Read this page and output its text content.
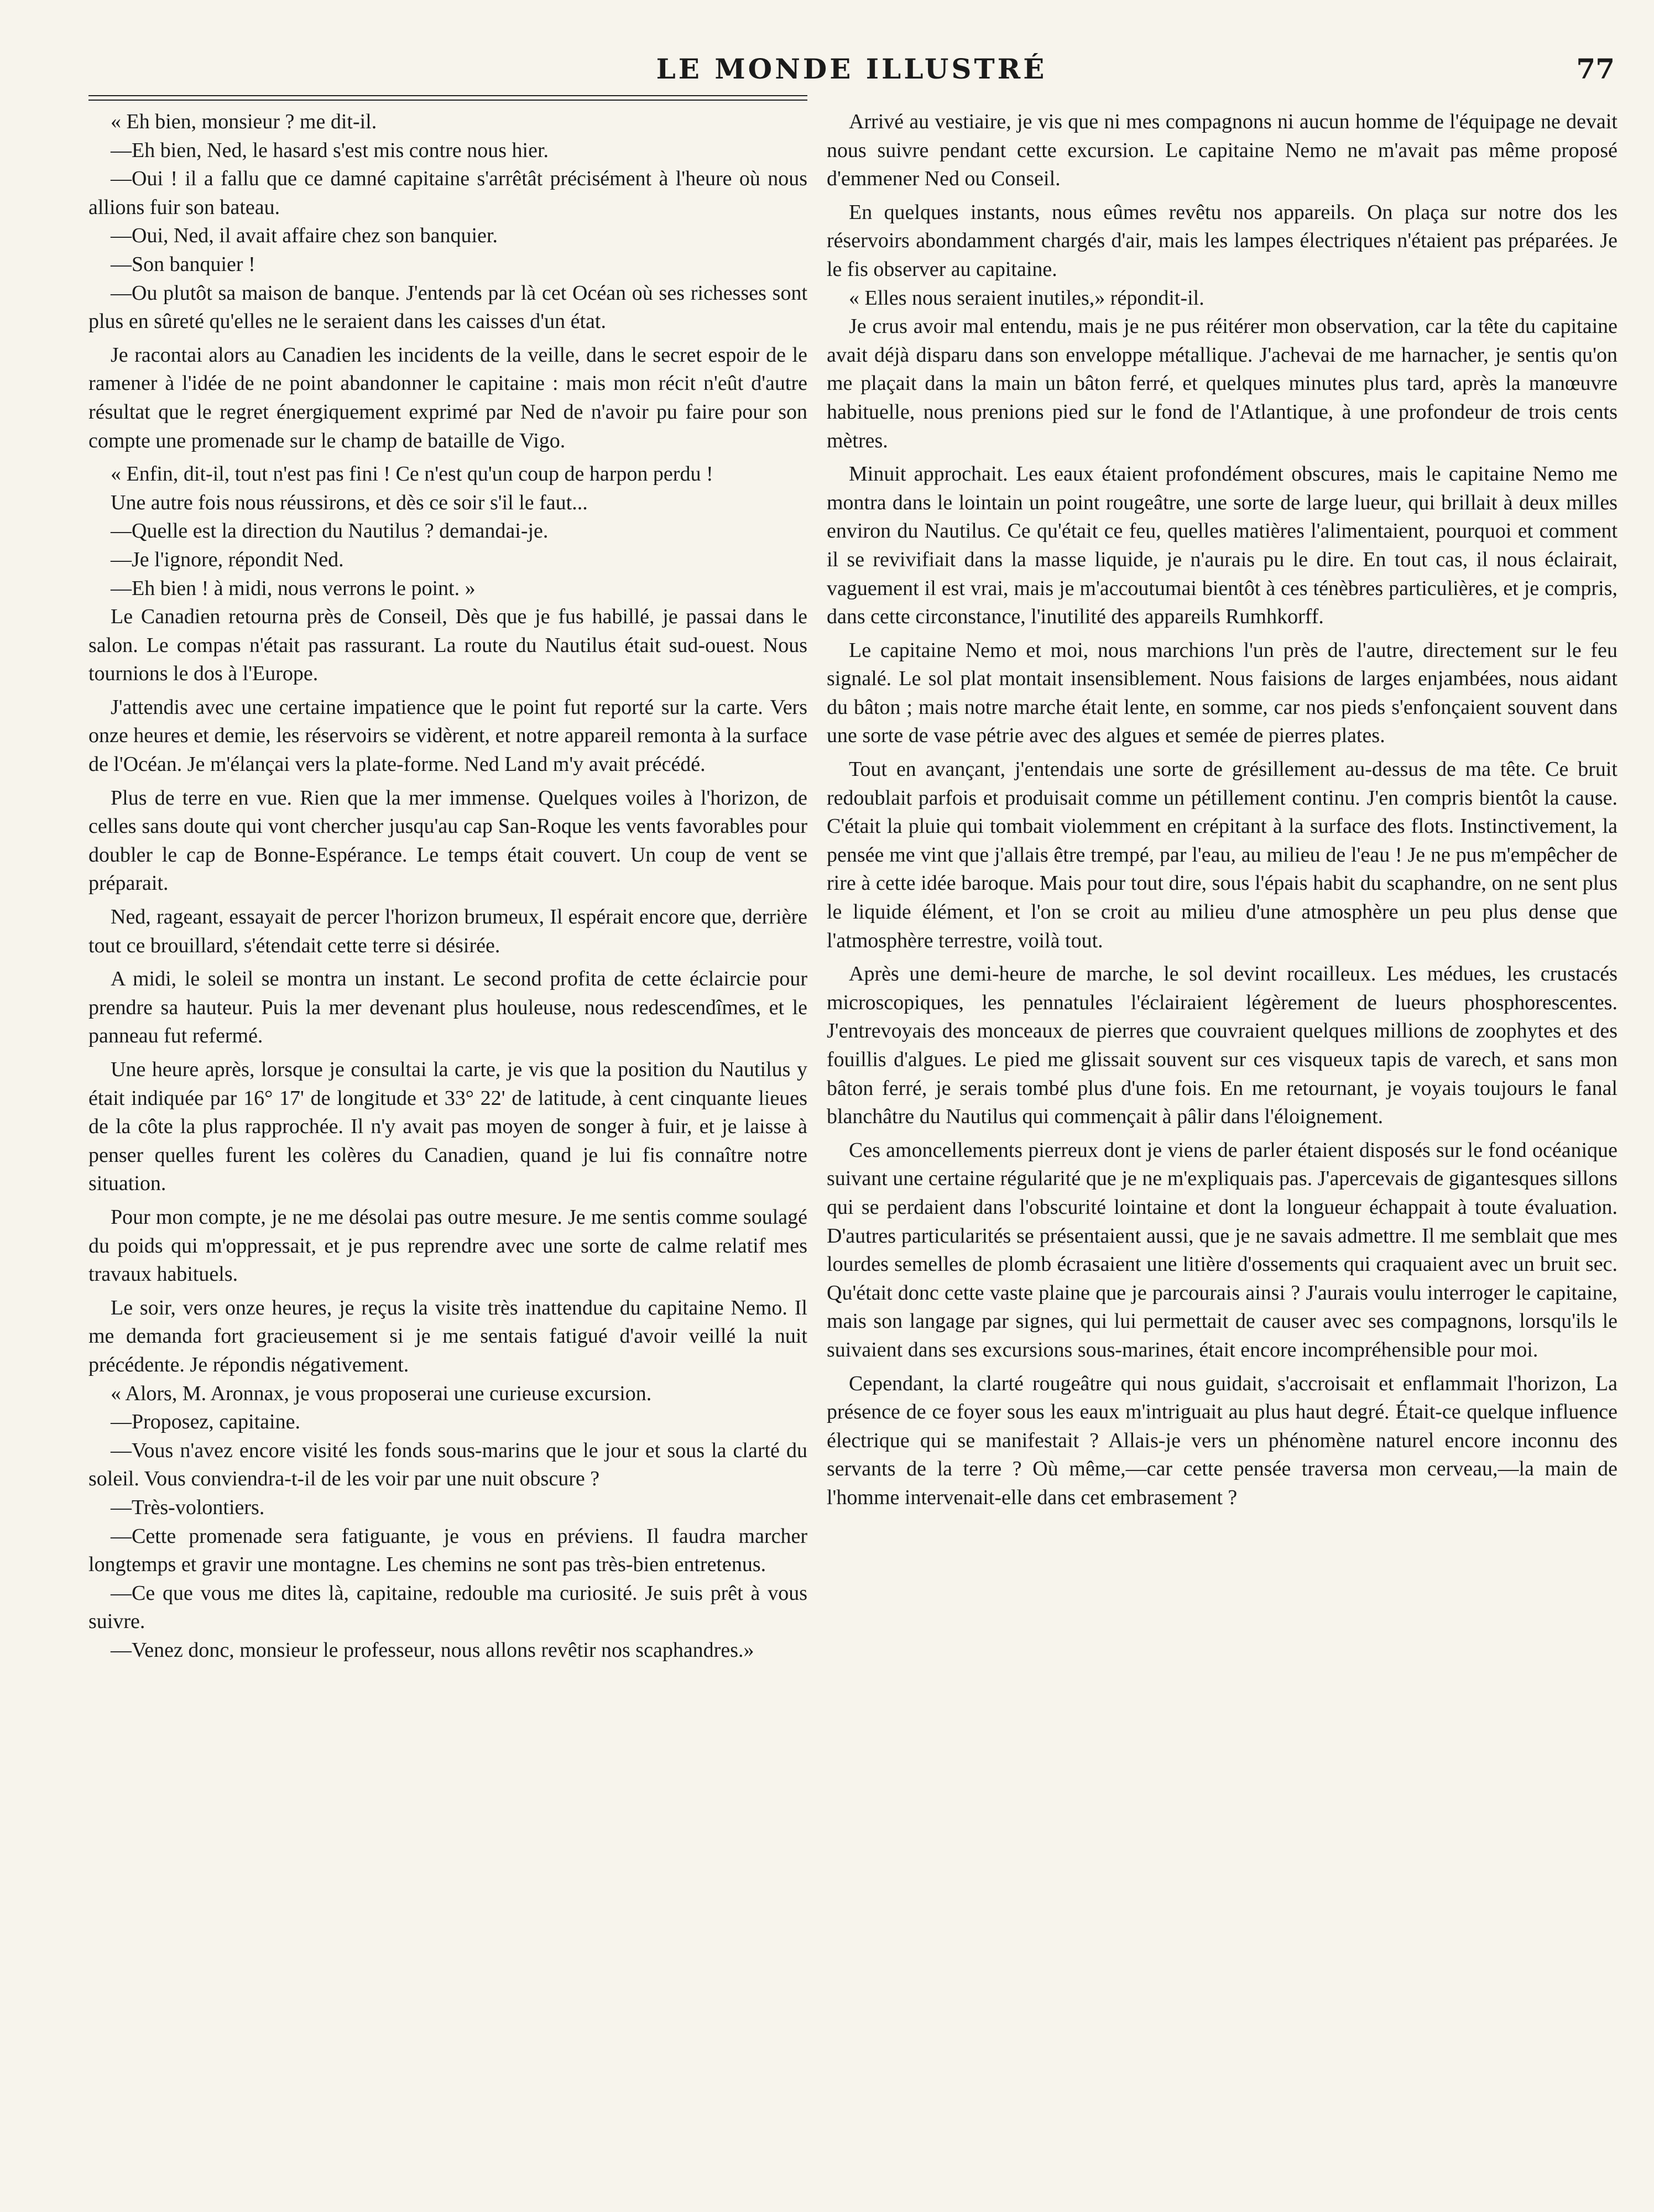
LE MONDE ILLUSTRÉ	77

« Eh bien, monsieur ? me dit-il.

—Eh bien, Ned, le hasard s'est mis contre nous hier.

—Oui ! il a fallu que ce damné capitaine s'arrêtât précisément à l'heure où nous allions fuir son bateau.

—Oui, Ned, il avait affaire chez son banquier.

—Son banquier !

—Ou plutôt sa maison de banque. J'entends par là cet Océan où ses richesses sont plus en sûreté qu'elles ne le seraient dans les caisses d'un état.

Je racontai alors au Canadien les incidents de la veille, dans le secret espoir de le ramener à l'idée de ne point abandonner le capitaine : mais mon récit n'eût d'autre résultat que le regret énergiquement exprimé par Ned de n'avoir pu faire pour son compte une promenade sur le champ de bataille de Vigo.

« Enfin, dit-il, tout n'est pas fini ! Ce n'est qu'un coup de harpon perdu !

Une autre fois nous réussirons, et dès ce soir s'il le faut...

—Quelle est la direction du Nautilus ? demandai-je.

—Je l'ignore, répondit Ned.

—Eh bien ! à midi, nous verrons le point. »

Le Canadien retourna près de Conseil, Dès que je fus habillé, je passai dans le salon. Le compas n'était pas rassurant. La route du Nautilus était sud-ouest. Nous tournions le dos à l'Europe.

J'attendis avec une certaine impatience que le point fut reporté sur la carte. Vers onze heures et demie, les réservoirs se vidèrent, et notre appareil remonta à la surface de l'Océan. Je m'élançai vers la plate-forme. Ned Land m'y avait précédé.

Plus de terre en vue. Rien que la mer immense. Quelques voiles à l'horizon, de celles sans doute qui vont chercher jusqu'au cap San-Roque les vents favorables pour doubler le cap de Bonne-Espérance. Le temps était couvert. Un coup de vent se préparait.

Ned, rageant, essayait de percer l'horizon brumeux, Il espérait encore que, derrière tout ce brouillard, s'étendait cette terre si désirée.

A midi, le soleil se montra un instant. Le second profita de cette éclaircie pour prendre sa hauteur. Puis la mer devenant plus houleuse, nous redescendîmes, et le panneau fut refermé.

Une heure après, lorsque je consultai la carte, je vis que la position du Nautilus y était indiquée par 16° 17' de longitude et 33° 22' de latitude, à cent cinquante lieues de la côte la plus rapprochée. Il n'y avait pas moyen de songer à fuir, et je laisse à penser quelles furent les colères du Canadien, quand je lui fis connaître notre situation.

Pour mon compte, je ne me désolai pas outre mesure. Je me sentis comme soulagé du poids qui m'oppressait, et je pus reprendre avec une sorte de calme relatif mes travaux habituels.

Le soir, vers onze heures, je reçus la visite très inattendue du capitaine Nemo. Il me demanda fort gracieusement si je me sentais fatigué d'avoir veillé la nuit précédente. Je répondis négativement.

« Alors, M. Aronnax, je vous proposerai une curieuse excursion.

—Proposez, capitaine.

—Vous n'avez encore visité les fonds sous-marins que le jour et sous la clarté du soleil. Vous conviendra-t-il de les voir par une nuit obscure ?

—Très-volontiers.

—Cette promenade sera fatiguante, je vous en préviens. Il faudra marcher longtemps et gravir une montagne. Les chemins ne sont pas très-bien entretenus.

—Ce que vous me dites là, capitaine, redouble ma curiosité. Je suis prêt à vous suivre.

—Venez donc, monsieur le professeur, nous allons revêtir nos scaphandres.»

Arrivé au vestiaire, je vis que ni mes compagnons ni aucun homme de l'équipage ne devait nous suivre pendant cette excursion. Le capitaine Nemo ne m'avait pas même proposé d'emmener Ned ou Conseil.

En quelques instants, nous eûmes revêtu nos appareils. On plaça sur notre dos les réservoirs abondamment chargés d'air, mais les lampes électriques n'étaient pas préparées. Je le fis observer au capitaine.

« Elles nous seraient inutiles,» répondit-il.

Je crus avoir mal entendu, mais je ne pus réitérer mon observation, car la tête du capitaine avait déjà disparu dans son enveloppe métallique. J'achevai de me harnacher, je sentis qu'on me plaçait dans la main un bâton ferré, et quelques minutes plus tard, après la manœuvre habituelle, nous prenions pied sur le fond de l'Atlantique, à une profondeur de trois cents mètres.

Minuit approchait. Les eaux étaient profondément obscures, mais le capitaine Nemo me montra dans le lointain un point rougeâtre, une sorte de large lueur, qui brillait à deux milles environ du Nautilus. Ce qu'était ce feu, quelles matières l'alimentaient, pourquoi et comment il se revivifiait dans la masse liquide, je n'aurais pu le dire. En tout cas, il nous éclairait, vaguement il est vrai, mais je m'accoutumai bientôt à ces ténèbres particulières, et je compris, dans cette circonstance, l'inutilité des appareils Rumhkorff.

Le capitaine Nemo et moi, nous marchions l'un près de l'autre, directement sur le feu signalé. Le sol plat montait insensiblement. Nous faisions de larges enjambées, nous aidant du bâton ; mais notre marche était lente, en somme, car nos pieds s'enfonçaient souvent dans une sorte de vase pétrie avec des algues et semée de pierres plates.

Tout en avançant, j'entendais une sorte de grésillement au-dessus de ma tête. Ce bruit redoublait parfois et produisait comme un pétillement continu. J'en compris bientôt la cause. C'était la pluie qui tombait violemment en crépitant à la surface des flots. Instinctivement, la pensée me vint que j'allais être trempé, par l'eau, au milieu de l'eau ! Je ne pus m'empêcher de rire à cette idée baroque. Mais pour tout dire, sous l'épais habit du scaphandre, on ne sent plus le liquide élément, et l'on se croit au milieu d'une atmosphère un peu plus dense que l'atmosphère terrestre, voilà tout.

Après une demi-heure de marche, le sol devint rocailleux. Les médues, les crustacés microscopiques, les pennatules l'éclairaient légèrement de lueurs phosphorescentes. J'entrevoyais des monceaux de pierres que couvraient quelques millions de zoophytes et des fouillis d'algues. Le pied me glissait souvent sur ces visqueux tapis de varech, et sans mon bâton ferré, je serais tombé plus d'une fois. En me retournant, je voyais toujours le fanal blanchâtre du Nautilus qui commençait à pâlir dans l'éloignement.

Ces amoncellements pierreux dont je viens de parler étaient disposés sur le fond océanique suivant une certaine régularité que je ne m'expliquais pas. J'apercevais de gigantesques sillons qui se perdaient dans l'obscurité lointaine et dont la longueur échappait à toute évaluation. D'autres particularités se présentaient aussi, que je ne savais admettre. Il me semblait que mes lourdes semelles de plomb écrasaient une litière d'ossements qui craquaient avec un bruit sec. Qu'était donc cette vaste plaine que je parcourais ainsi ? J'aurais voulu interroger le capitaine, mais son langage par signes, qui lui permettait de causer avec ses compagnons, lorsqu'ils le suivaient dans ses excursions sous-marines, était encore incompréhensible pour moi.

Cependant, la clarté rougeâtre qui nous guidait, s'accroisait et enflammait l'horizon, La présence de ce foyer sous les eaux m'intriguait au plus haut degré. Était-ce quelque influence électrique qui se manifestait ? Allais-je vers un phénomène naturel encore inconnu des servants de la terre ? Où même,—car cette pensée traversa mon cerveau,—la main de l'homme intervenait-elle dans cet embrasement ?
